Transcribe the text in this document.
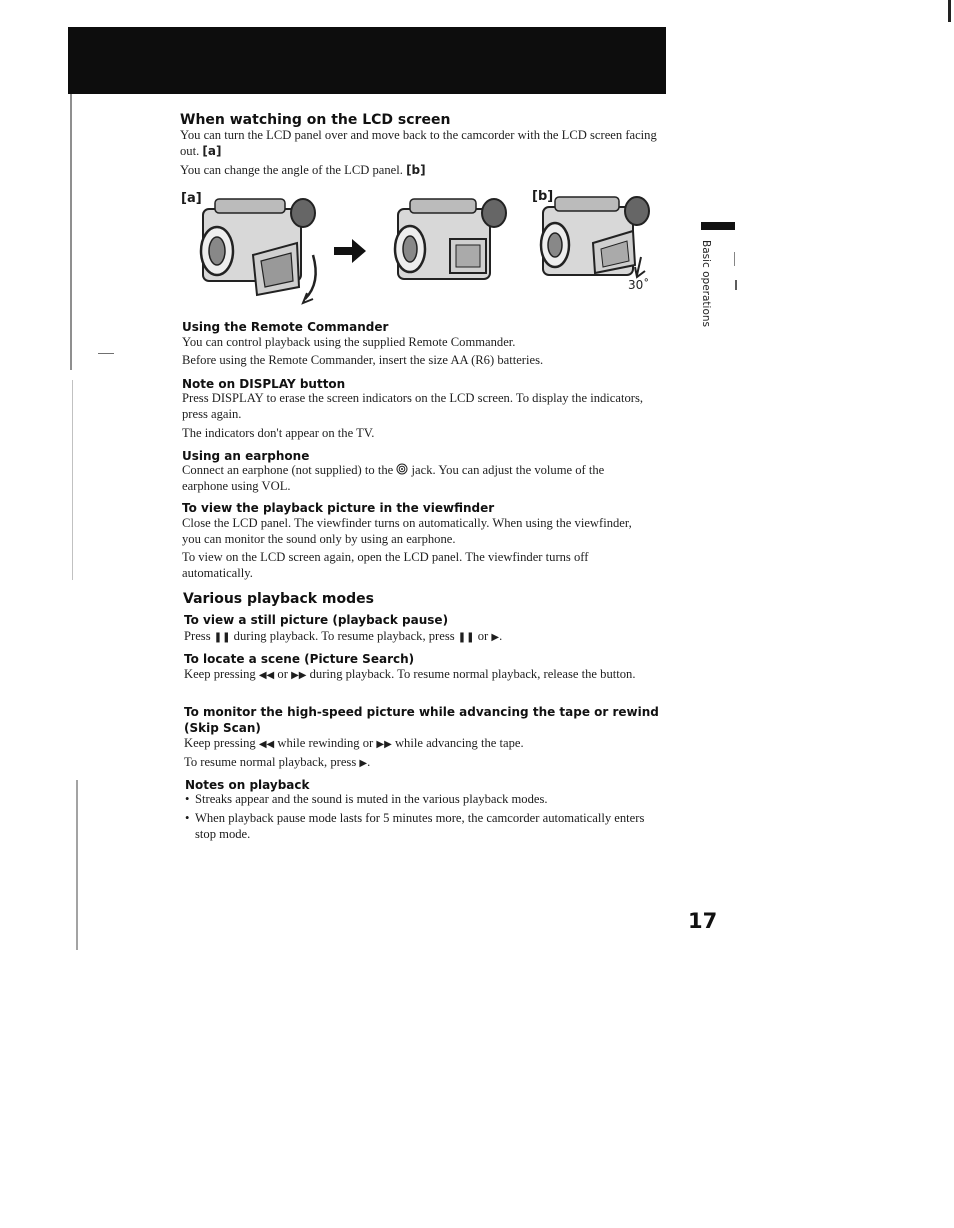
When watching on the LCD screen

You can turn the LCD panel over and move back to the camcorder with the LCD screen facing out. [a]

You can change the angle of the LCD panel. [b]

[a]	[b]
30˚
Using the Remote Commander

You can control playback using the supplied Remote Commander.

Before using the Remote Commander, insert the size AA (R6) batteries.

Note on DISPLAY button

Press DISPLAY to erase the screen indicators on the LCD screen. To display the indicators, press again.

The indicators don't appear on the TV.

Using an earphone

Connect an earphone (not supplied) to the jack. You can adjust the volume of the earphone using VOL.

To view the playback picture in the viewfinder

Close the LCD panel. The viewfinder turns on automatically. When using the viewfinder, you can monitor the sound only by using an earphone.

To view on the LCD screen again, open the LCD panel. The viewfinder turns off automatically.

Various playback modes
To view a still picture (playback pause)

Press ❚❚ during playback. To resume playback, press ❚❚ or ▶.

To locate a scene (Picture Search)

Keep pressing ◀◀ or ▶▶ during playback. To resume normal playback, release the button.

To monitor the high-speed picture while advancing the tape or rewind (Skip Scan)

Keep pressing ◀◀ while rewinding or ▶▶ while advancing the tape.

To resume normal playback, press ▶.

Notes on playback
• Streaks appear and the sound is muted in the various playback modes.
• When playback pause mode lasts for 5 minutes more, the camcorder automatically enters stop mode.
Basic operations
17
